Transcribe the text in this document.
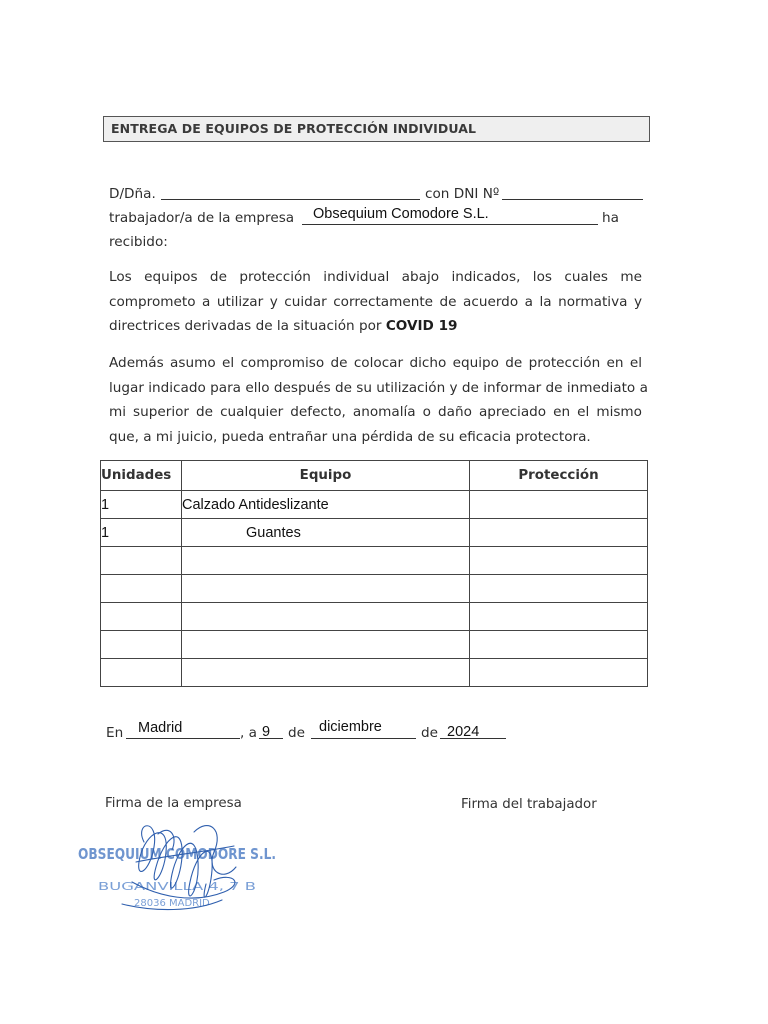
ENTREGA DE EQUIPOS DE PROTECCIÓN INDIVIDUAL
D/Dña.	con DNI Nº
trabajador/a de la empresa Obsequium Comodore S.L.	ha
recibido:
Los equipos de protección individual abajo indicados, los cuales me
comprometo a utilizar y cuidar correctamente de acuerdo a la normativa y
directrices derivadas de la situación por COVID 19
Además asumo el compromiso de colocar dicho equipo de protección en el
lugar indicado para ello después de su utilización y de informar de inmediato a
mi superior de cualquier defecto, anomalía o daño apreciado en el mismo
que, a mi juicio, pueda entrañar una pérdida de su eficacia protectora.
Unidades	Equipo	Protección
1	Calzado Antideslizante	
1	Guantes	

En Madrid	, a 9 de diciembre	de 2024
Firma de la empresa	Firma del trabajador
OBSEQUIUM COMODORE S.L.
BUGANVILLA 4, 7 B
28036 MADRID
